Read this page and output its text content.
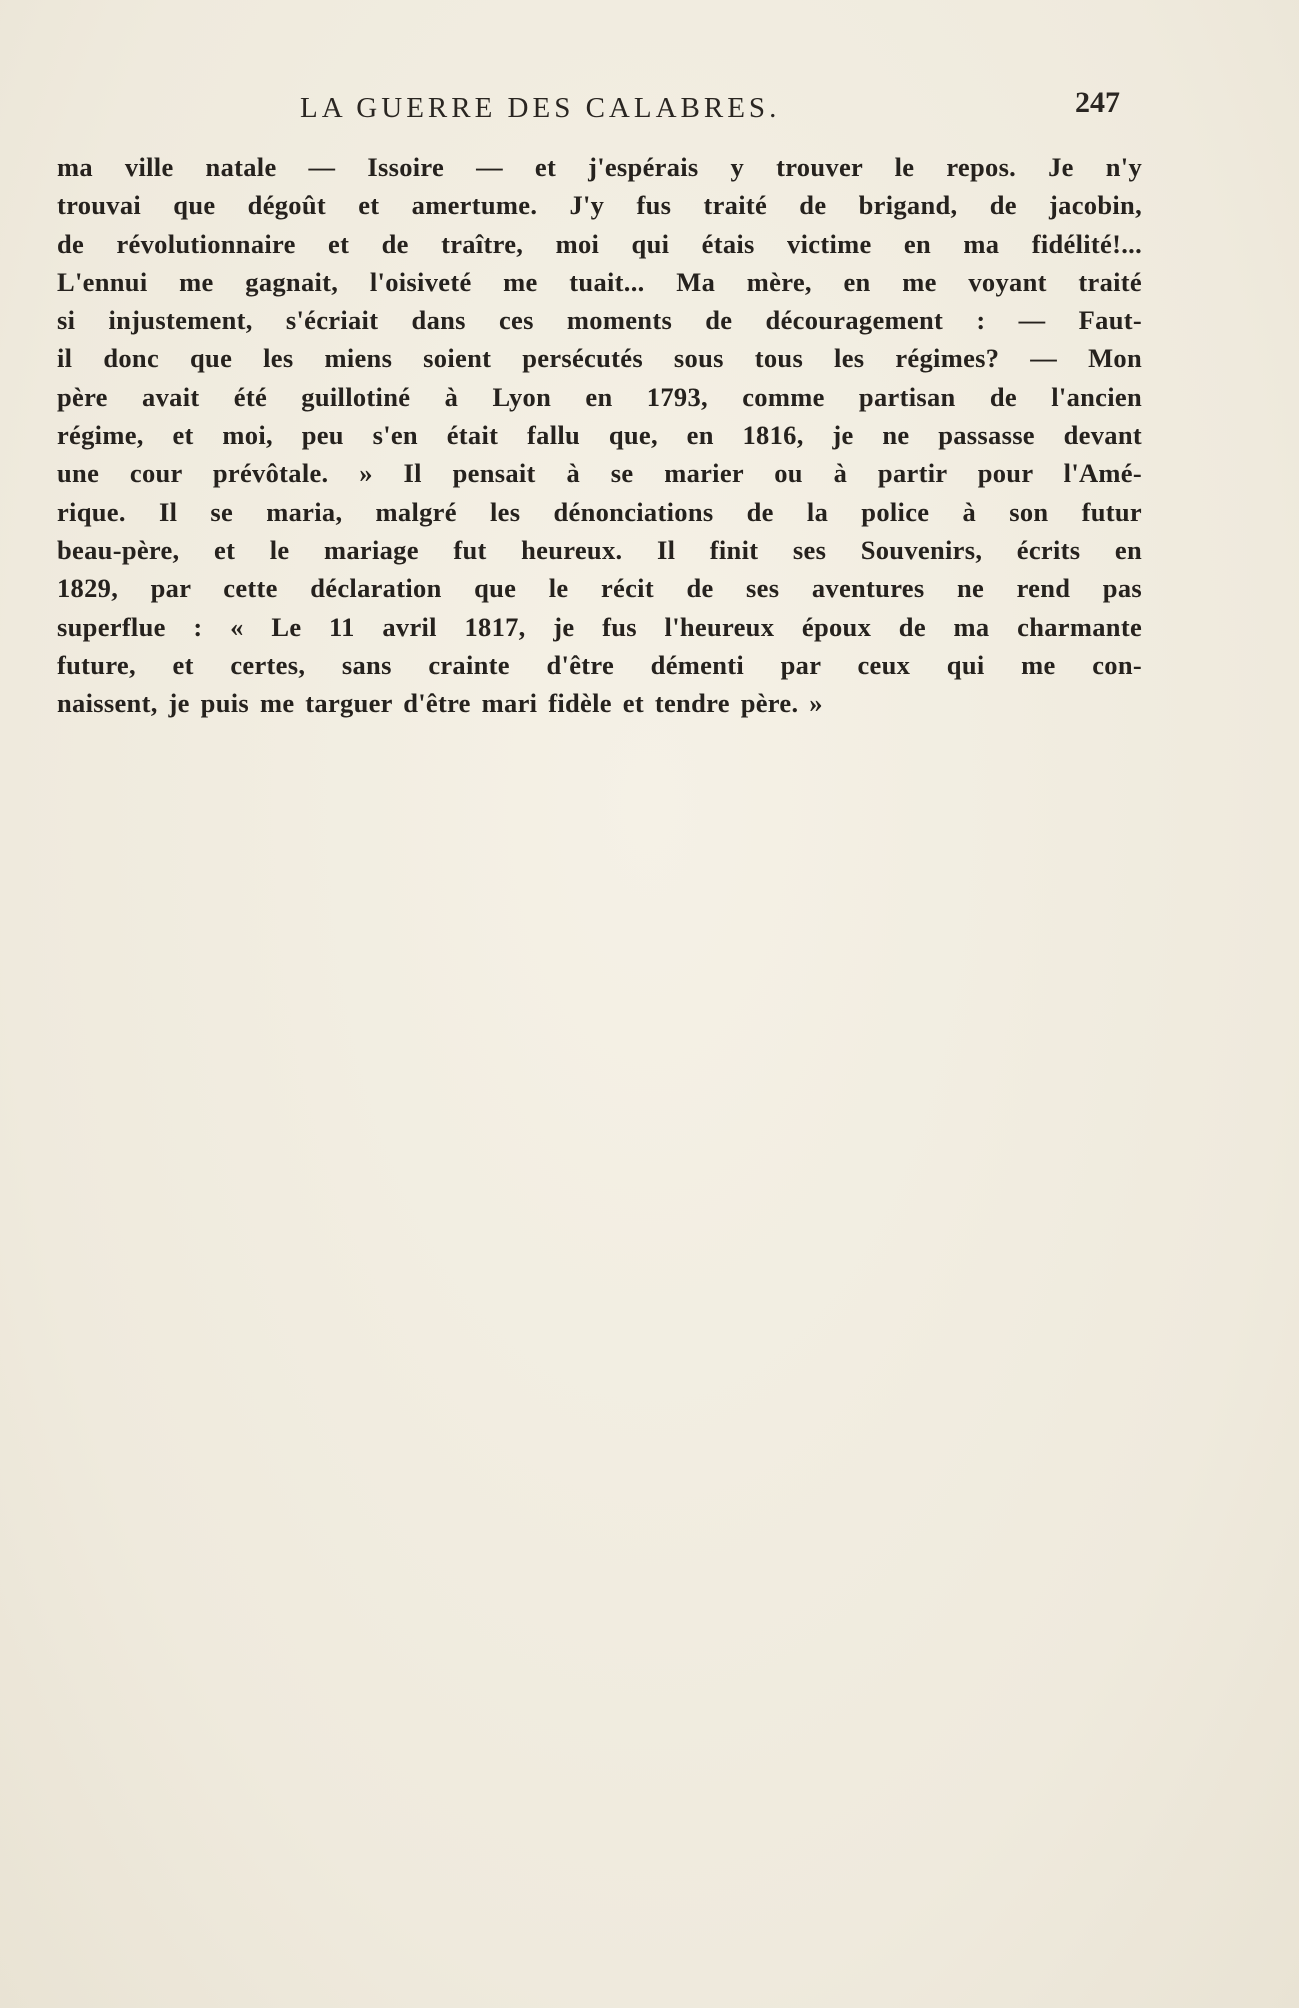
LA GUERRE DES CALABRES.	247
ma ville natale — Issoire — et j'espérais y trouver le repos. Je n'y
trouvai que dégoût et amertume. J'y fus traité de brigand, de jacobin,
de révolutionnaire et de traître, moi qui étais victime en ma fidélité!...
L'ennui me gagnait, l'oisiveté me tuait... Ma mère, en me voyant traité
si injustement, s'écriait dans ces moments de découragement : — Faut-
il donc que les miens soient persécutés sous tous les régimes? — Mon
père avait été guillotiné à Lyon en 1793, comme partisan de l'ancien
régime, et moi, peu s'en était fallu que, en 1816, je ne passasse devant
une cour prévôtale. » Il pensait à se marier ou à partir pour l'Amé-
rique. Il se maria, malgré les dénonciations de la police à son futur
beau-père, et le mariage fut heureux. Il finit ses Souvenirs, écrits en
1829, par cette déclaration que le récit de ses aventures ne rend pas
superflue : « Le 11 avril 1817, je fus l'heureux époux de ma charmante
future, et certes, sans crainte d'être démenti par ceux qui me con-
naissent, je puis me targuer d'être mari fidèle et tendre père. »
